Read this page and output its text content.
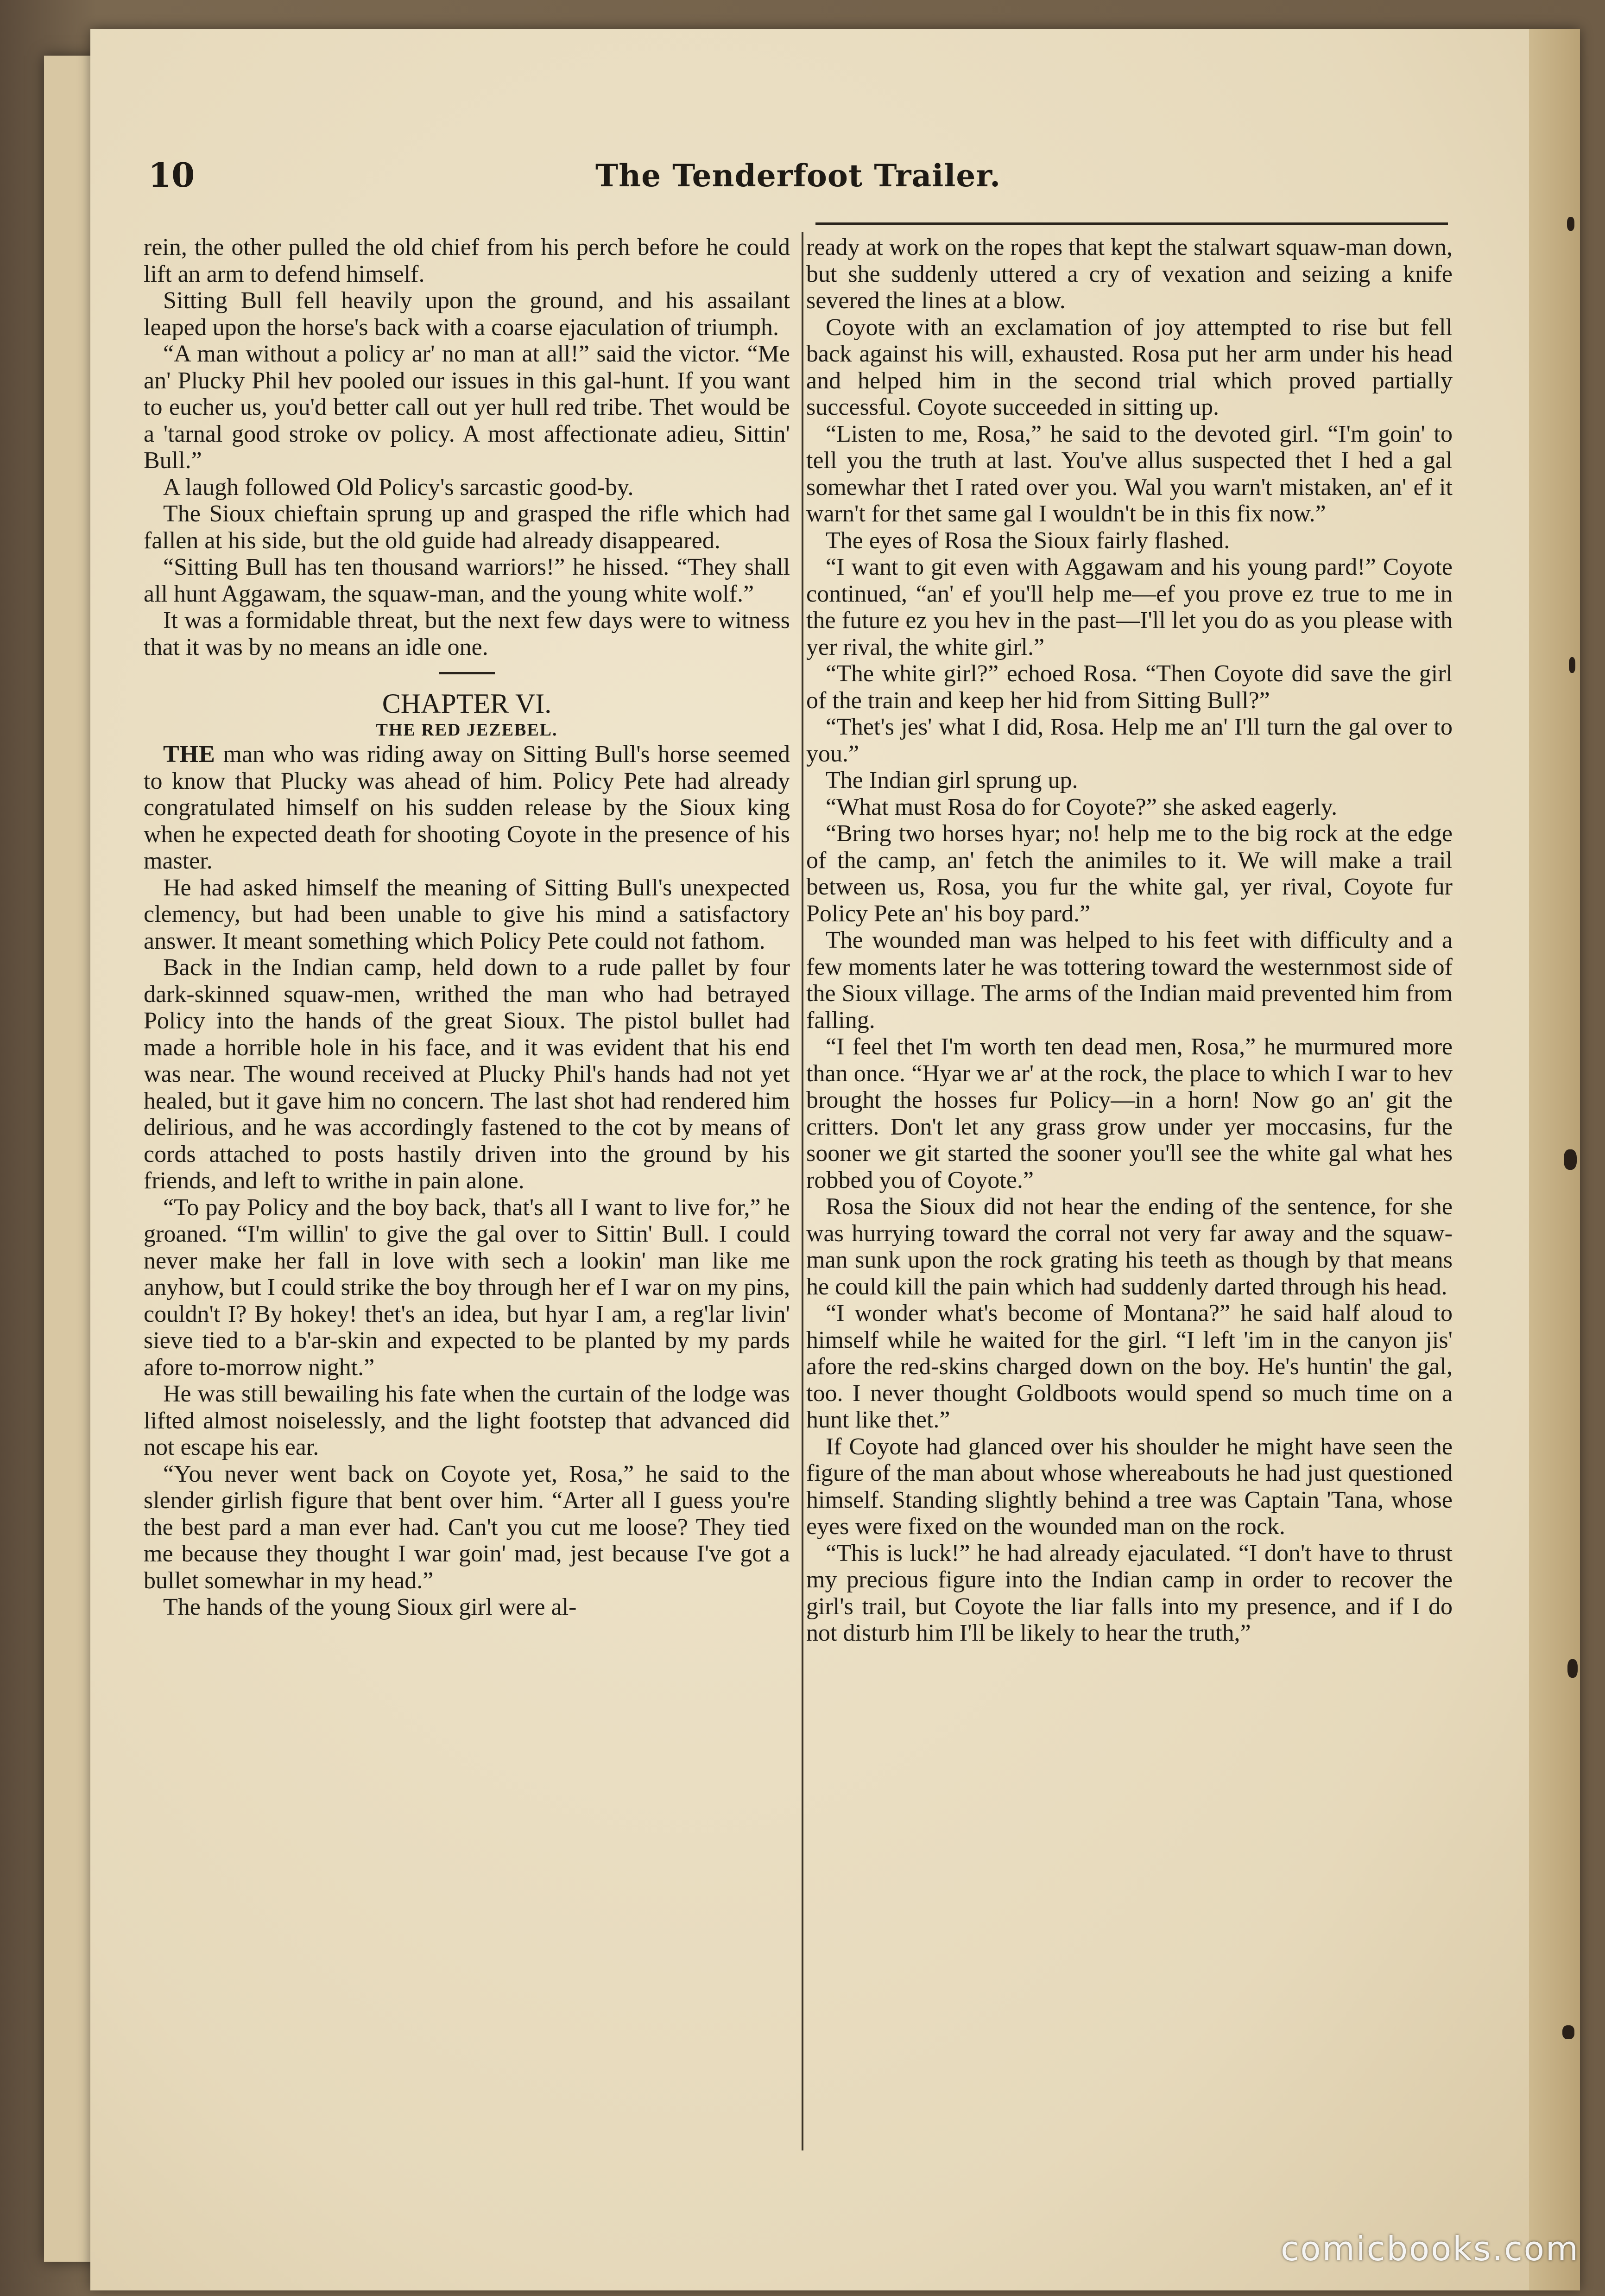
10	The Tenderfoot Trailer.

rein, the other pulled the old chief from his perch before he could lift an arm to defend himself.

Sitting Bull fell heavily upon the ground, and his assailant leaped upon the horse's back with a coarse ejaculation of triumph.

“A man without a policy ar' no man at all!” said the victor. “Me an' Plucky Phil hev pooled our issues in this gal-hunt. If you want to eucher us, you'd better call out yer hull red tribe. Thet would be a 'tarnal good stroke ov policy. A most affectionate adieu, Sittin' Bull.”

A laugh followed Old Policy's sarcastic good-by.

The Sioux chieftain sprung up and grasped the rifle which had fallen at his side, but the old guide had already disappeared.

“Sitting Bull has ten thousand warriors!” he hissed. “They shall all hunt Aggawam, the squaw-man, and the young white wolf.”

It was a formidable threat, but the next few days were to witness that it was by no means an idle one.

CHAPTER VI.

THE RED JEZEBEL.

THE man who was riding away on Sitting Bull's horse seemed to know that Plucky was ahead of him. Policy Pete had already congratulated himself on his sudden release by the Sioux king when he expected death for shooting Coyote in the presence of his master.

He had asked himself the meaning of Sitting Bull's unexpected clemency, but had been unable to give his mind a satisfactory answer. It meant something which Policy Pete could not fathom.

Back in the Indian camp, held down to a rude pallet by four dark-skinned squaw-men, writhed the man who had betrayed Policy into the hands of the great Sioux. The pistol bullet had made a horrible hole in his face, and it was evident that his end was near. The wound received at Plucky Phil's hands had not yet healed, but it gave him no concern. The last shot had rendered him delirious, and he was accordingly fastened to the cot by means of cords attached to posts hastily driven into the ground by his friends, and left to writhe in pain alone.

“To pay Policy and the boy back, that's all I want to live for,” he groaned. “I'm willin' to give the gal over to Sittin' Bull. I could never make her fall in love with sech a lookin' man like me anyhow, but I could strike the boy through her ef I war on my pins, couldn't I? By hokey! thet's an idea, but hyar I am, a reg'lar livin' sieve tied to a b'ar-skin and expected to be planted by my pards afore to-morrow night.”

He was still bewailing his fate when the curtain of the lodge was lifted almost noiselessly, and the light footstep that advanced did not escape his ear.

“You never went back on Coyote yet, Rosa,” he said to the slender girlish figure that bent over him. “Arter all I guess you're the best pard a man ever had. Can't you cut me loose? They tied me because they thought I war goin' mad, jest because I've got a bullet somewhar in my head.”

The hands of the young Sioux girl were al-

ready at work on the ropes that kept the stalwart squaw-man down, but she suddenly uttered a cry of vexation and seizing a knife severed the lines at a blow.

Coyote with an exclamation of joy attempted to rise but fell back against his will, exhausted. Rosa put her arm under his head and helped him in the second trial which proved partially successful. Coyote succeeded in sitting up.

“Listen to me, Rosa,” he said to the devoted girl. “I'm goin' to tell you the truth at last. You've allus suspected thet I hed a gal somewhar thet I rated over you. Wal you warn't mistaken, an' ef it warn't for thet same gal I wouldn't be in this fix now.”

The eyes of Rosa the Sioux fairly flashed.

“I want to git even with Aggawam and his young pard!” Coyote continued, “an' ef you'll help me—ef you prove ez true to me in the future ez you hev in the past—I'll let you do as you please with yer rival, the white girl.”

“The white girl?” echoed Rosa. “Then Coyote did save the girl of the train and keep her hid from Sitting Bull?”

“Thet's jes' what I did, Rosa. Help me an' I'll turn the gal over to you.”

The Indian girl sprung up.

“What must Rosa do for Coyote?” she asked eagerly.

“Bring two horses hyar; no! help me to the big rock at the edge of the camp, an' fetch the animiles to it. We will make a trail between us, Rosa, you fur the white gal, yer rival, Coyote fur Policy Pete an' his boy pard.”

The wounded man was helped to his feet with difficulty and a few moments later he was tottering toward the westernmost side of the Sioux village. The arms of the Indian maid prevented him from falling.

“I feel thet I'm worth ten dead men, Rosa,” he murmured more than once. “Hyar we ar' at the rock, the place to which I war to hev brought the hosses fur Policy—in a horn! Now go an' git the critters. Don't let any grass grow under yer moccasins, fur the sooner we git started the sooner you'll see the white gal what hes robbed you of Coyote.”

Rosa the Sioux did not hear the ending of the sentence, for she was hurrying toward the corral not very far away and the squaw-man sunk upon the rock grating his teeth as though by that means he could kill the pain which had suddenly darted through his head.

“I wonder what's become of Montana?” he said half aloud to himself while he waited for the girl. “I left 'im in the canyon jis' afore the red-skins charged down on the boy. He's huntin' the gal, too. I never thought Goldboots would spend so much time on a hunt like thet.”

If Coyote had glanced over his shoulder he might have seen the figure of the man about whose whereabouts he had just questioned himself. Standing slightly behind a tree was Captain 'Tana, whose eyes were fixed on the wounded man on the rock.

“This is luck!” he had already ejaculated. “I don't have to thrust my precious figure into the Indian camp in order to recover the girl's trail, but Coyote the liar falls into my presence, and if I do not disturb him I'll be likely to hear the truth,”

comicbooks.com
